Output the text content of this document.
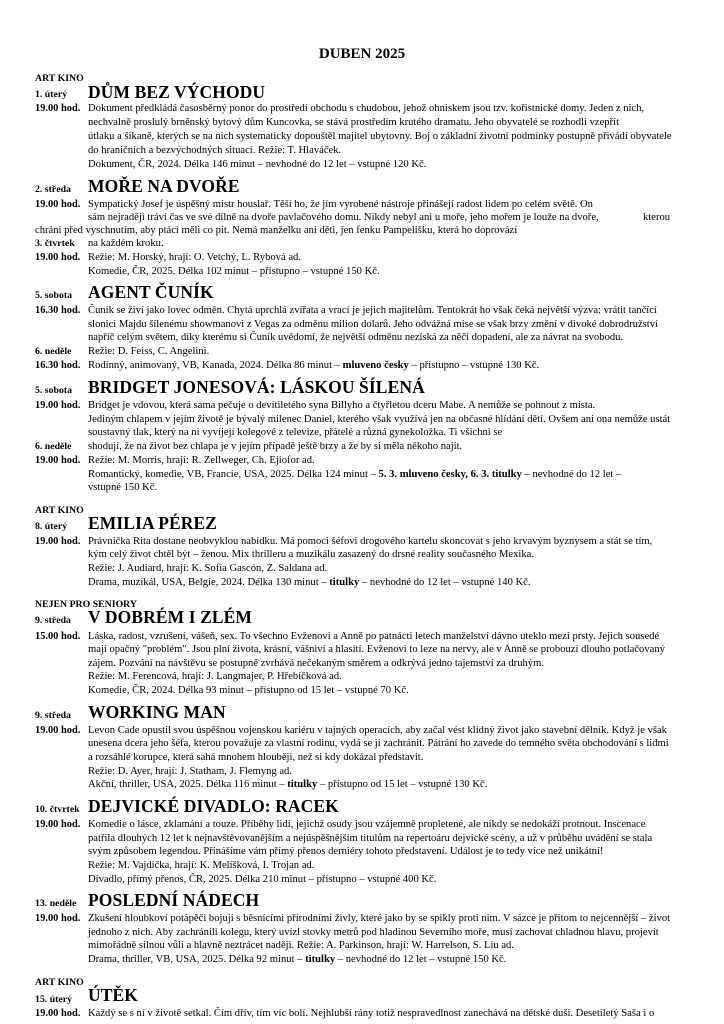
DUBEN 2025
ART KINO
1. úterý DŮM BEZ VÝCHODU
19.00 hod. Dokument předkládá časosběrný ponor do prostředí obchodu s chudobou, jehož ohniskem jsou tzv. kořistnické domy. Jeden z nich,
nechvalně proslulý brněnský bytový dům Kuncovka, se stává prostředím krutého dramatu. Jeho obyvatelé se rozhodli vzepřít
útlaku a šikaně, kterých se na nich systematicky dopouštěl majitel ubytovny. Boj o základní životní podmínky postupně přivádí obyvatele
do hraničních a bezvýchodných situací. Režie: T. Hlaváček.
Dokument, ČR, 2024. Délka 146 minut – nevhodné do 12 let – vstupné 120 Kč.
2. středa MOŘE NA DVOŘE
19.00 hod. Sympatický Josef je úspěšný mistr houslař. Těší ho, že jím vyrobené nástroje přinášejí radost lidem po celém světě. On
sám nejraději tráví čas ve své dílně na dvoře pavlačového domu. Nikdy nebyl ani u moře, jeho mořem je louže na dvoře,	kterou
chrání před vyschnutím, aby ptáci měli co pít. Nemá manželku ani děti, jen fenku Pampelišku, která ho doprovází
3. čtvrtek na každém kroku.
19.00 hod. Režie: M. Horský, hrají: O. Vetchý, L. Rybová ad.
Komedie, ČR, 2025. Délka 102 minut – přístupno – vstupné 150 Kč.
5. sobota AGENT ČUNÍK
16.30 hod. Čuník se živí jako lovec odměn. Chytá uprchlá zvířata a vrací je jejich majitelům. Tentokrát ho však čeká největší výzva: vrátit tančící
slonici Majdu šílenému showmanovi z Vegas za odměnu milion dolarů. Jeho odvážná mise se však brzy změní v divoké dobrodružství
napříč celým světem, díky kterému si Čuník uvědomí, že největší odměnu nezíská za něčí dopadení, ale za návrat na svobodu.
6. neděle Režie: D. Feiss, C. Angelini.
16.30 hod. Rodinný, animovaný, VB, Kanada, 2024. Délka 86 minut – mluveno česky – přístupno – vstupné 130 Kč.
5. sobota BRIDGET JONESOVÁ: LÁSKOU ŠÍLENÁ
19.00 hod. Bridget je vdovou, která sama pečuje o devítiletého syna Billyho a čtyřletou dceru Mabe. A nemůže se pohnout z místa.
Jediným chlapem v jejím životě je bývalý milenec Daniel, kterého však využívá jen na občasné hlídání dětí. Ovšem ani ona nemůže ustát
soustavný tlak, který na ni vyvíjejí kolegové z televize, přátelé a různá gynekoložka. Ti všichni se
6. neděle shodují, že na život bez chlapa je v jejím případě ještě brzy a že by si měla někoho najít.
19.00 hod. Režie: M. Morris, hrají: R. Zellweger, Ch. Ejiofor ad.
Romantický, komedie, VB, Francie, USA, 2025. Délka 124 minut – 5. 3. mluveno česky, 6. 3. titulky – nevhodné do 12 let –
vstupné 150 Kč.
ART KINO
8. úterý EMILIA PÉREZ
19.00 hod. Právnička Rita dostane neobvyklou nabídku. Má pomoci šéfovi drogového kartelu skoncovat s jeho krvavým byznysem a stát se tím,
kým celý život chtěl být – ženou. Mix thrilleru a muzikálu zasazený do drsné reality současného Mexika.
Režie: J. Audiard, hrají: K. Sofía Gascón, Z. Saldana ad.
Drama, muzikál, USA, Belgie, 2024. Délka 130 minut – titulky – nevhodné do 12 let – vstupné 140 Kč.
NEJEN PRO SENIORY
9. středa V DOBRÉM I ZLÉM
15.00 hod. Láska, radost, vzrušení, vášeň, sex. To všechno Evženovi a Anně po patnácti letech manželství dávno uteklo mezi prsty. Jejich sousedé
mají opačný "problém". Jsou plní života, krásní, vášniví a hlasití. Evženovi to leze na nervy, ale v Anně se probouzí dlouho potlačovaný
zájem. Pozvání na návštěvu se postupně zvrhává nečekaným směrem a odkrývá jedno tajemství za druhým.
Režie: M. Ferencová, hrají: J. Langmajer, P. Hřebíčková ad.
Komedie, ČR, 2024. Délka 93 minut – přístupno od 15 let – vstupné 70 Kč.
9. středa WORKING MAN
19.00 hod. Levon Cade opustil svou úspěšnou vojenskou kariéru v tajných operacích, aby začal vést klidný život jako stavební dělník. Když je však
unesena dcera jeho šéfa, kterou považuje za vlastní rodinu, vydá se ji zachránit. Pátrání ho zavede do temného světa obchodování s lidmi
a rozsáhlé korupce, která sahá mnohem hlouběji, než si kdy dokázal představit.
Režie: D. Ayer, hrají: J. Statham, J. Flemyng ad.
Akční, thriller, USA, 2025. Délka 116 minut – titulky – přístupno od 15 let – vstupné 130 Kč.
10. čtvrtek DEJVICKÉ DIVADLO: RACEK
19.00 hod. Komedie o lásce, zklamání a touze. Příběhy lidí, jejichž osudy jsou vzájemně propletené, ale nikdy se nedokáží protnout. Inscenace
patřila dlouhých 12 let k nejnavštěvovanějším a nejúspěšnějším titulům na repertoáru dejvické scény, a už v průběhu uvádění se stala
svým způsobem legendou. Přinášíme vám přímý přenos derniéry tohoto představení. Událost je to tedy více než unikátní!
Režie: M. Vajdička, hrají: K. Melíšková, I. Trojan ad.
Divadlo, přímý přenos, ČR, 2025. Délka 210 minut – přístupno – vstupné 400 Kč.
13. neděle POSLEDNÍ NÁDECH
19.00 hod. Zkušení hloubkoví potápěči bojují s běsnícími přírodními živly, které jako by se spikly proti nim. V sázce je přitom to nejcennější – život
jednoho z nich. Aby zachránili kolegu, který uvízl stovky metrů pod hladinou Severního moře, musí zachovat chladnou hlavu, projevit
mimořádně silnou vůli a hlavně neztrácet naději. Režie: A. Parkinson, hrají: W. Harrelson, S. Liu ad.
Drama, thriller, VB, USA, 2025. Délka 92 minut – titulky – nevhodné do 12 let – vstupné 150 Kč.
ART KINO
15. úterý ÚTĚK
19.00 hod. Každý se s ní v životě setkal. Čím dřív, tím víc bolí. Nejhlubší rány totiž nespravedlnost zanechává na dětské duši. Desetiletý Saša i o
